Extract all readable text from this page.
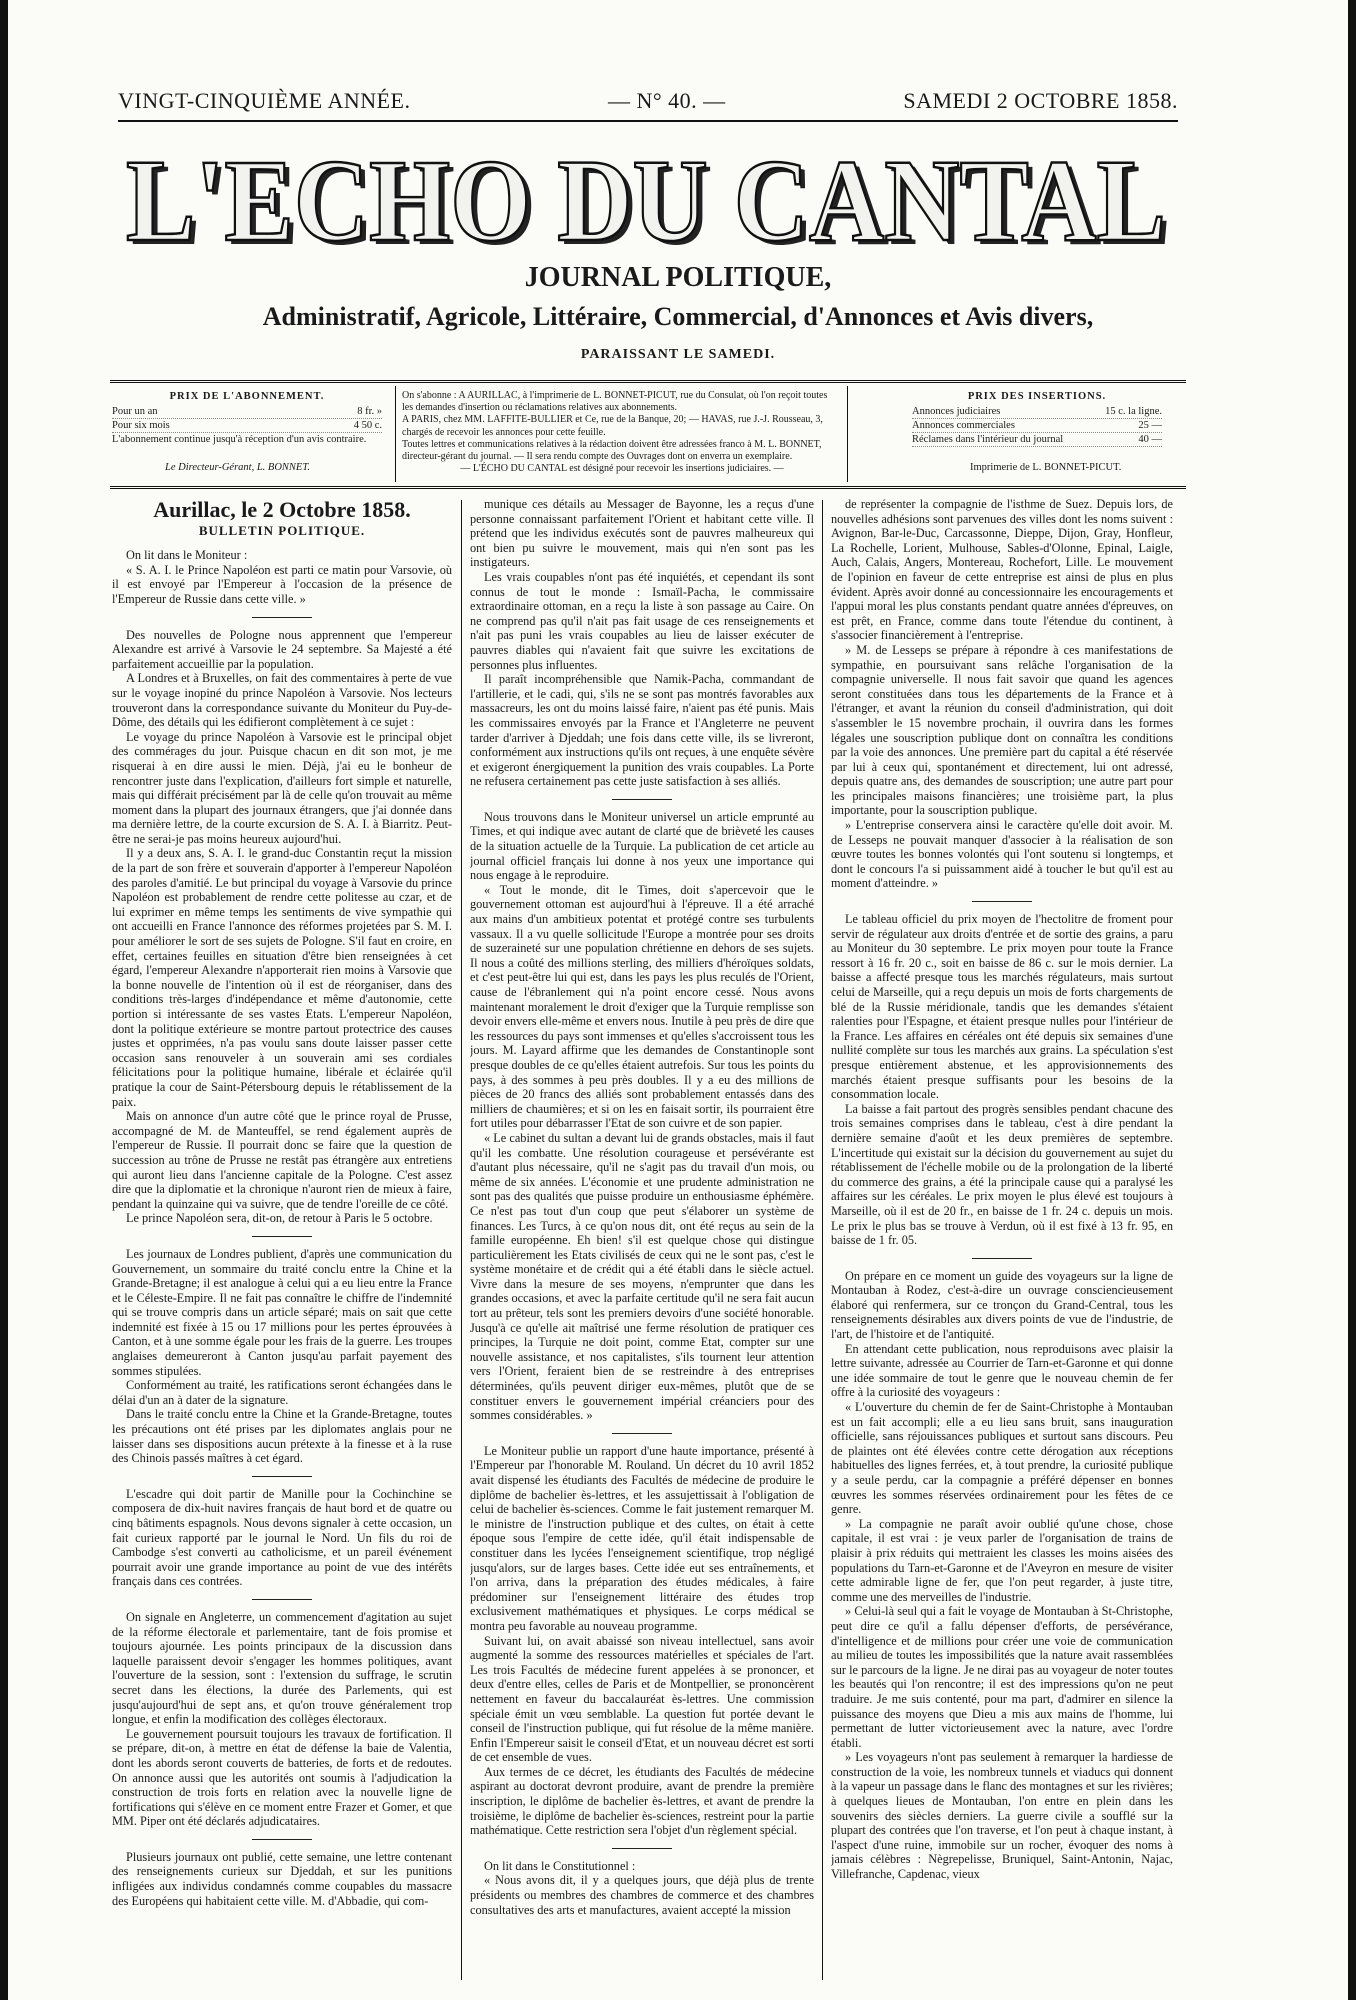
VINGT-CINQUIÈME ANNÉE.	— N° 40. —	SAMEDI 2 OCTOBRE 1858.
L'ECHO DU CANTAL
L'ECHO DU CANTAL
JOURNAL POLITIQUE,
Administratif, Agricole, Littéraire, Commercial, d'Annonces et Avis divers,
PARAISSANT LE SAMEDI.
PRIX DE L'ABONNEMENT.
Pour un an	8 fr. »
Pour six mois	4 50 c.
L'abonnement continue jusqu'à réception d'un avis contraire.
Le Directeur-Gérant, L. BONNET.
On s'abonne : A AURILLAC, à l'imprimerie de L. BONNET-PICUT, rue du Consulat, où l'on reçoit toutes
les demandes d'insertion ou réclamations relatives aux abonnements.
A PARIS, chez MM. LAFFITE-BULLIER et Ce, rue de la Banque, 20; — HAVAS, rue J.-J. Rousseau, 3,
chargés de recevoir les annonces pour cette feuille.
Toutes lettres et communications relatives à la rédaction doivent être adressées franco à M. L. BONNET,
directeur-gérant du journal. — Il sera rendu compte des Ouvrages dont on enverra un exemplaire.
— L'ÉCHO DU CANTAL est désigné pour recevoir les insertions judiciaires. —
PRIX DES INSERTIONS.
Annonces judiciaires	15 c. la ligne.
Annonces commerciales	25 —
Réclames dans l'intérieur du journal	40 —
Imprimerie de L. BONNET-PICUT.
Aurillac, le 2 Octobre 1858.
BULLETIN POLITIQUE.

On lit dans le Moniteur :

« S. A. I. le Prince Napoléon est parti ce matin pour Varsovie, où il est envoyé par l'Empereur à l'occasion de la présence de l'Empereur de Russie dans cette ville. »

Des nouvelles de Pologne nous apprennent que l'empereur Alexandre est arrivé à Varsovie le 24 septembre. Sa Majesté a été parfaitement accueillie par la population.

A Londres et à Bruxelles, on fait des commentaires à perte de vue sur le voyage inopiné du prince Napoléon à Varsovie. Nos lecteurs trouveront dans la correspondance suivante du Moniteur du Puy-de-Dôme, des détails qui les édifieront complètement à ce sujet :

Le voyage du prince Napoléon à Varsovie est le principal objet des commérages du jour. Puisque chacun en dit son mot, je me risquerai à en dire aussi le mien. Déjà, j'ai eu le bonheur de rencontrer juste dans l'explication, d'ailleurs fort simple et naturelle, mais qui différait précisément par là de celle qu'on trouvait au même moment dans la plupart des journaux étrangers, que j'ai donnée dans ma dernière lettre, de la courte excursion de S. A. I. à Biarritz. Peut-être ne serai-je pas moins heureux aujourd'hui.

Il y a deux ans, S. A. I. le grand-duc Constantin reçut la mission de la part de son frère et souverain d'apporter à l'empereur Napoléon des paroles d'amitié. Le but principal du voyage à Varsovie du prince Napoléon est probablement de rendre cette politesse au czar, et de lui exprimer en même temps les sentiments de vive sympathie qui ont accueilli en France l'annonce des réformes projetées par S. M. I. pour améliorer le sort de ses sujets de Pologne. S'il faut en croire, en effet, certaines feuilles en situation d'être bien renseignées à cet égard, l'empereur Alexandre n'apporterait rien moins à Varsovie que la bonne nouvelle de l'intention où il est de réorganiser, dans des conditions très-larges d'indépendance et même d'autonomie, cette portion si intéressante de ses vastes Etats. L'empereur Napoléon, dont la politique extérieure se montre partout protectrice des causes justes et opprimées, n'a pas voulu sans doute laisser passer cette occasion sans renouveler à un souverain ami ses cordiales félicitations pour la politique humaine, libérale et éclairée qu'il pratique la cour de Saint-Pétersbourg depuis le rétablissement de la paix.

Mais on annonce d'un autre côté que le prince royal de Prusse, accompagné de M. de Manteuffel, se rend également auprès de l'empereur de Russie. Il pourrait donc se faire que la question de succession au trône de Prusse ne restât pas étrangère aux entretiens qui auront lieu dans l'ancienne capitale de la Pologne. C'est assez dire que la diplomatie et la chronique n'auront rien de mieux à faire, pendant la quinzaine qui va suivre, que de tendre l'oreille de ce côté.

Le prince Napoléon sera, dit-on, de retour à Paris le 5 octobre.

Les journaux de Londres publient, d'après une communication du Gouvernement, un sommaire du traité conclu entre la Chine et la Grande-Bretagne; il est analogue à celui qui a eu lieu entre la France et le Céleste-Empire. Il ne fait pas connaître le chiffre de l'indemnité qui se trouve compris dans un article séparé; mais on sait que cette indemnité est fixée à 15 ou 17 millions pour les pertes éprouvées à Canton, et à une somme égale pour les frais de la guerre. Les troupes anglaises demeureront à Canton jusqu'au parfait payement des sommes stipulées.

Conformément au traité, les ratifications seront échangées dans le délai d'un an à dater de la signature.

Dans le traité conclu entre la Chine et la Grande-Bretagne, toutes les précautions ont été prises par les diplomates anglais pour ne laisser dans ses dispositions aucun prétexte à la finesse et à la ruse des Chinois passés maîtres à cet égard.

L'escadre qui doit partir de Manille pour la Cochinchine se composera de dix-huit navires français de haut bord et de quatre ou cinq bâtiments espagnols. Nous devons signaler à cette occasion, un fait curieux rapporté par le journal le Nord. Un fils du roi de Cambodge s'est converti au catholicisme, et un pareil événement pourrait avoir une grande importance au point de vue des intérêts français dans ces contrées.

On signale en Angleterre, un commencement d'agitation au sujet de la réforme électorale et parlementaire, tant de fois promise et toujours ajournée. Les points principaux de la discussion dans laquelle paraissent devoir s'engager les hommes politiques, avant l'ouverture de la session, sont : l'extension du suffrage, le scrutin secret dans les élections, la durée des Parlements, qui est jusqu'aujourd'hui de sept ans, et qu'on trouve généralement trop longue, et enfin la modification des collèges électoraux.

Le gouvernement poursuit toujours les travaux de fortification. Il se prépare, dit-on, à mettre en état de défense la baie de Valentia, dont les abords seront couverts de batteries, de forts et de redoutes. On annonce aussi que les autorités ont soumis à l'adjudication la construction de trois forts en relation avec la nouvelle ligne de fortifications qui s'élève en ce moment entre Frazer et Gomer, et que MM. Piper ont été déclarés adjudicataires.

Plusieurs journaux ont publié, cette semaine, une lettre contenant des renseignements curieux sur Djeddah, et sur les punitions infligées aux individus condamnés comme coupables du massacre des Européens qui habitaient cette ville. M. d'Abbadie, qui com-

munique ces détails au Messager de Bayonne, les a reçus d'une personne connaissant parfaitement l'Orient et habitant cette ville. Il prétend que les individus exécutés sont de pauvres malheureux qui ont bien pu suivre le mouvement, mais qui n'en sont pas les instigateurs.

Les vrais coupables n'ont pas été inquiétés, et cependant ils sont connus de tout le monde : Ismaïl-Pacha, le commissaire extraordinaire ottoman, en a reçu la liste à son passage au Caire. On ne comprend pas qu'il n'ait pas fait usage de ces renseignements et n'ait pas puni les vrais coupables au lieu de laisser exécuter de pauvres diables qui n'avaient fait que suivre les excitations de personnes plus influentes.

Il paraît incompréhensible que Namik-Pacha, commandant de l'artillerie, et le cadi, qui, s'ils ne se sont pas montrés favorables aux massacreurs, les ont du moins laissé faire, n'aient pas été punis. Mais les commissaires envoyés par la France et l'Angleterre ne peuvent tarder d'arriver à Djeddah; une fois dans cette ville, ils se livreront, conformément aux instructions qu'ils ont reçues, à une enquête sévère et exigeront énergiquement la punition des vrais coupables. La Porte ne refusera certainement pas cette juste satisfaction à ses alliés.

Nous trouvons dans le Moniteur universel un article emprunté au Times, et qui indique avec autant de clarté que de brièveté les causes de la situation actuelle de la Turquie. La publication de cet article au journal officiel français lui donne à nos yeux une importance qui nous engage à le reproduire.

« Tout le monde, dit le Times, doit s'apercevoir que le gouvernement ottoman est aujourd'hui à l'épreuve. Il a été arraché aux mains d'un ambitieux potentat et protégé contre ses turbulents vassaux. Il a vu quelle sollicitude l'Europe a montrée pour ses droits de suzeraineté sur une population chrétienne en dehors de ses sujets. Il nous a coûté des millions sterling, des milliers d'héroïques soldats, et c'est peut-être lui qui est, dans les pays les plus reculés de l'Orient, cause de l'ébranlement qui n'a point encore cessé. Nous avons maintenant moralement le droit d'exiger que la Turquie remplisse son devoir envers elle-même et envers nous. Inutile à peu près de dire que les ressources du pays sont immenses et qu'elles s'accroissent tous les jours. M. Layard affirme que les demandes de Constantinople sont presque doubles de ce qu'elles étaient autrefois. Sur tous les points du pays, à des sommes à peu près doubles. Il y a eu des millions de pièces de 20 francs des alliés sont probablement entassés dans des milliers de chaumières; et si on les en faisait sortir, ils pourraient être fort utiles pour débarrasser l'Etat de son cuivre et de son papier.

« Le cabinet du sultan a devant lui de grands obstacles, mais il faut qu'il les combatte. Une résolution courageuse et persévérante est d'autant plus nécessaire, qu'il ne s'agit pas du travail d'un mois, ou même de six années. L'économie et une prudente administration ne sont pas des qualités que puisse produire un enthousiasme éphémère. Ce n'est pas tout d'un coup que peut s'élaborer un système de finances. Les Turcs, à ce qu'on nous dit, ont été reçus au sein de la famille européenne. Eh bien! s'il est quelque chose qui distingue particulièrement les Etats civilisés de ceux qui ne le sont pas, c'est le système monétaire et de crédit qui a été établi dans le siècle actuel. Vivre dans la mesure de ses moyens, n'emprunter que dans les grandes occasions, et avec la parfaite certitude qu'il ne sera fait aucun tort au prêteur, tels sont les premiers devoirs d'une société honorable. Jusqu'à ce qu'elle ait maîtrisé une ferme résolution de pratiquer ces principes, la Turquie ne doit point, comme Etat, compter sur une nouvelle assistance, et nos capitalistes, s'ils tournent leur attention vers l'Orient, feraient bien de se restreindre à des entreprises déterminées, qu'ils peuvent diriger eux-mêmes, plutôt que de se constituer envers le gouvernement impérial créanciers pour des sommes considérables. »

Le Moniteur publie un rapport d'une haute importance, présenté à l'Empereur par l'honorable M. Rouland. Un décret du 10 avril 1852 avait dispensé les étudiants des Facultés de médecine de produire le diplôme de bachelier ès-lettres, et les assujettissait à l'obligation de celui de bachelier ès-sciences. Comme le fait justement remarquer M. le ministre de l'instruction publique et des cultes, on était à cette époque sous l'empire de cette idée, qu'il était indispensable de constituer dans les lycées l'enseignement scientifique, trop négligé jusqu'alors, sur de larges bases. Cette idée eut ses entraînements, et l'on arriva, dans la préparation des études médicales, à faire prédominer sur l'enseignement littéraire des études trop exclusivement mathématiques et physiques. Le corps médical se montra peu favorable au nouveau programme.

Suivant lui, on avait abaissé son niveau intellectuel, sans avoir augmenté la somme des ressources matérielles et spéciales de l'art. Les trois Facultés de médecine furent appelées à se prononcer, et deux d'entre elles, celles de Paris et de Montpellier, se prononcèrent nettement en faveur du baccalauréat ès-lettres. Une commission spéciale émit un vœu semblable. La question fut portée devant le conseil de l'instruction publique, qui fut résolue de la même manière. Enfin l'Empereur saisit le conseil d'Etat, et un nouveau décret est sorti de cet ensemble de vues.

Aux termes de ce décret, les étudiants des Facultés de médecine aspirant au doctorat devront produire, avant de prendre la première inscription, le diplôme de bachelier ès-lettres, et avant de prendre la troisième, le diplôme de bachelier ès-sciences, restreint pour la partie mathématique. Cette restriction sera l'objet d'un règlement spécial.

On lit dans le Constitutionnel :

« Nous avons dit, il y a quelques jours, que déjà plus de trente présidents ou membres des chambres de commerce et des chambres consultatives des arts et manufactures, avaient accepté la mission

de représenter la compagnie de l'isthme de Suez. Depuis lors, de nouvelles adhésions sont parvenues des villes dont les noms suivent : Avignon, Bar-le-Duc, Carcassonne, Dieppe, Dijon, Gray, Honfleur, La Rochelle, Lorient, Mulhouse, Sables-d'Olonne, Epinal, Laigle, Auch, Calais, Angers, Montereau, Rochefort, Lille. Le mouvement de l'opinion en faveur de cette entreprise est ainsi de plus en plus évident. Après avoir donné au concessionnaire les encouragements et l'appui moral les plus constants pendant quatre années d'épreuves, on est prêt, en France, comme dans toute l'étendue du continent, à s'associer financièrement à l'entreprise.

» M. de Lesseps se prépare à répondre à ces manifestations de sympathie, en poursuivant sans relâche l'organisation de la compagnie universelle. Il nous fait savoir que quand les agences seront constituées dans tous les départements de la France et à l'étranger, et avant la réunion du conseil d'administration, qui doit s'assembler le 15 novembre prochain, il ouvrira dans les formes légales une souscription publique dont on connaîtra les conditions par la voie des annonces. Une première part du capital a été réservée par lui à ceux qui, spontanément et directement, lui ont adressé, depuis quatre ans, des demandes de souscription; une autre part pour les principales maisons financières; une troisième part, la plus importante, pour la souscription publique.

» L'entreprise conservera ainsi le caractère qu'elle doit avoir. M. de Lesseps ne pouvait manquer d'associer à la réalisation de son œuvre toutes les bonnes volontés qui l'ont soutenu si longtemps, et dont le concours l'a si puissamment aidé à toucher le but qu'il est au moment d'atteindre. »

Le tableau officiel du prix moyen de l'hectolitre de froment pour servir de régulateur aux droits d'entrée et de sortie des grains, a paru au Moniteur du 30 septembre. Le prix moyen pour toute la France ressort à 16 fr. 20 c., soit en baisse de 86 c. sur le mois dernier. La baisse a affecté presque tous les marchés régulateurs, mais surtout celui de Marseille, qui a reçu depuis un mois de forts chargements de blé de la Russie méridionale, tandis que les demandes s'étaient ralenties pour l'Espagne, et étaient presque nulles pour l'intérieur de la France. Les affaires en céréales ont été depuis six semaines d'une nullité complète sur tous les marchés aux grains. La spéculation s'est presque entièrement abstenue, et les approvisionnements des marchés étaient presque suffisants pour les besoins de la consommation locale.

La baisse a fait partout des progrès sensibles pendant chacune des trois semaines comprises dans le tableau, c'est à dire pendant la dernière semaine d'août et les deux premières de septembre. L'incertitude qui existait sur la décision du gouvernement au sujet du rétablissement de l'échelle mobile ou de la prolongation de la liberté du commerce des grains, a été la principale cause qui a paralysé les affaires sur les céréales. Le prix moyen le plus élevé est toujours à Marseille, où il est de 20 fr., en baisse de 1 fr. 24 c. depuis un mois. Le prix le plus bas se trouve à Verdun, où il est fixé à 13 fr. 95, en baisse de 1 fr. 05.

On prépare en ce moment un guide des voyageurs sur la ligne de Montauban à Rodez, c'est-à-dire un ouvrage consciencieusement élaboré qui renfermera, sur ce tronçon du Grand-Central, tous les renseignements désirables aux divers points de vue de l'industrie, de l'art, de l'histoire et de l'antiquité.

En attendant cette publication, nous reproduisons avec plaisir la lettre suivante, adressée au Courrier de Tarn-et-Garonne et qui donne une idée sommaire de tout le genre que le nouveau chemin de fer offre à la curiosité des voyageurs :

« L'ouverture du chemin de fer de Saint-Christophe à Montauban est un fait accompli; elle a eu lieu sans bruit, sans inauguration officielle, sans réjouissances publiques et surtout sans discours. Peu de plaintes ont été élevées contre cette dérogation aux réceptions habituelles des lignes ferrées, et, à tout prendre, la curiosité publique y a seule perdu, car la compagnie a préféré dépenser en bonnes œuvres les sommes réservées ordinairement pour les fêtes de ce genre.

» La compagnie ne paraît avoir oublié qu'une chose, chose capitale, il est vrai : je veux parler de l'organisation de trains de plaisir à prix réduits qui mettraient les classes les moins aisées des populations du Tarn-et-Garonne et de l'Aveyron en mesure de visiter cette admirable ligne de fer, que l'on peut regarder, à juste titre, comme une des merveilles de l'industrie.

» Celui-là seul qui a fait le voyage de Montauban à St-Christophe, peut dire ce qu'il a fallu dépenser d'efforts, de persévérance, d'intelligence et de millions pour créer une voie de communication au milieu de toutes les impossibilités que la nature avait rassemblées sur le parcours de la ligne. Je ne dirai pas au voyageur de noter toutes les beautés qui l'on rencontre; il est des impressions qu'on ne peut traduire. Je me suis contenté, pour ma part, d'admirer en silence la puissance des moyens que Dieu a mis aux mains de l'homme, lui permettant de lutter victorieusement avec la nature, avec l'ordre établi.

» Les voyageurs n'ont pas seulement à remarquer la hardiesse de construction de la voie, les nombreux tunnels et viaducs qui donnent à la vapeur un passage dans le flanc des montagnes et sur les rivières; à quelques lieues de Montauban, l'on entre en plein dans les souvenirs des siècles derniers. La guerre civile a soufflé sur la plupart des contrées que l'on traverse, et l'on peut à chaque instant, à l'aspect d'une ruine, immobile sur un rocher, évoquer des noms à jamais célèbres : Nègrepelisse, Bruniquel, Saint-Antonin, Najac, Villefranche, Capdenac, vieux
